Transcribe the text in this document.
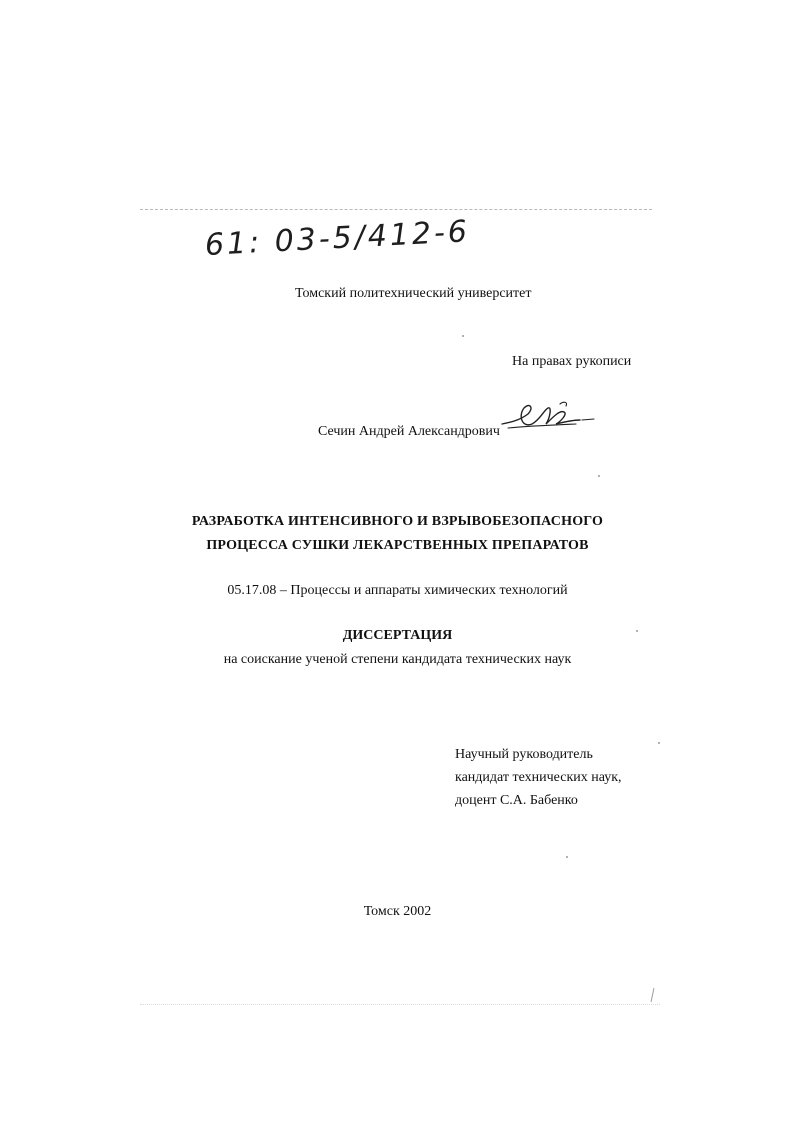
61: 03-5/412-6
Томский политехнический университет
На правах рукописи
Сечин Андрей Александрович
РАЗРАБОТКА ИНТЕНСИВНОГО И ВЗРЫВОБЕЗОПАСНОГО
ПРОЦЕССА СУШКИ ЛЕКАРСТВЕННЫХ ПРЕПАРАТОВ
05.17.08 – Процессы и аппараты химических технологий
ДИССЕРТАЦИЯ
на соискание ученой степени кандидата технических наук
Научный руководитель
кандидат технических наук,
доцент С.А. Бабенко
Томск 2002
